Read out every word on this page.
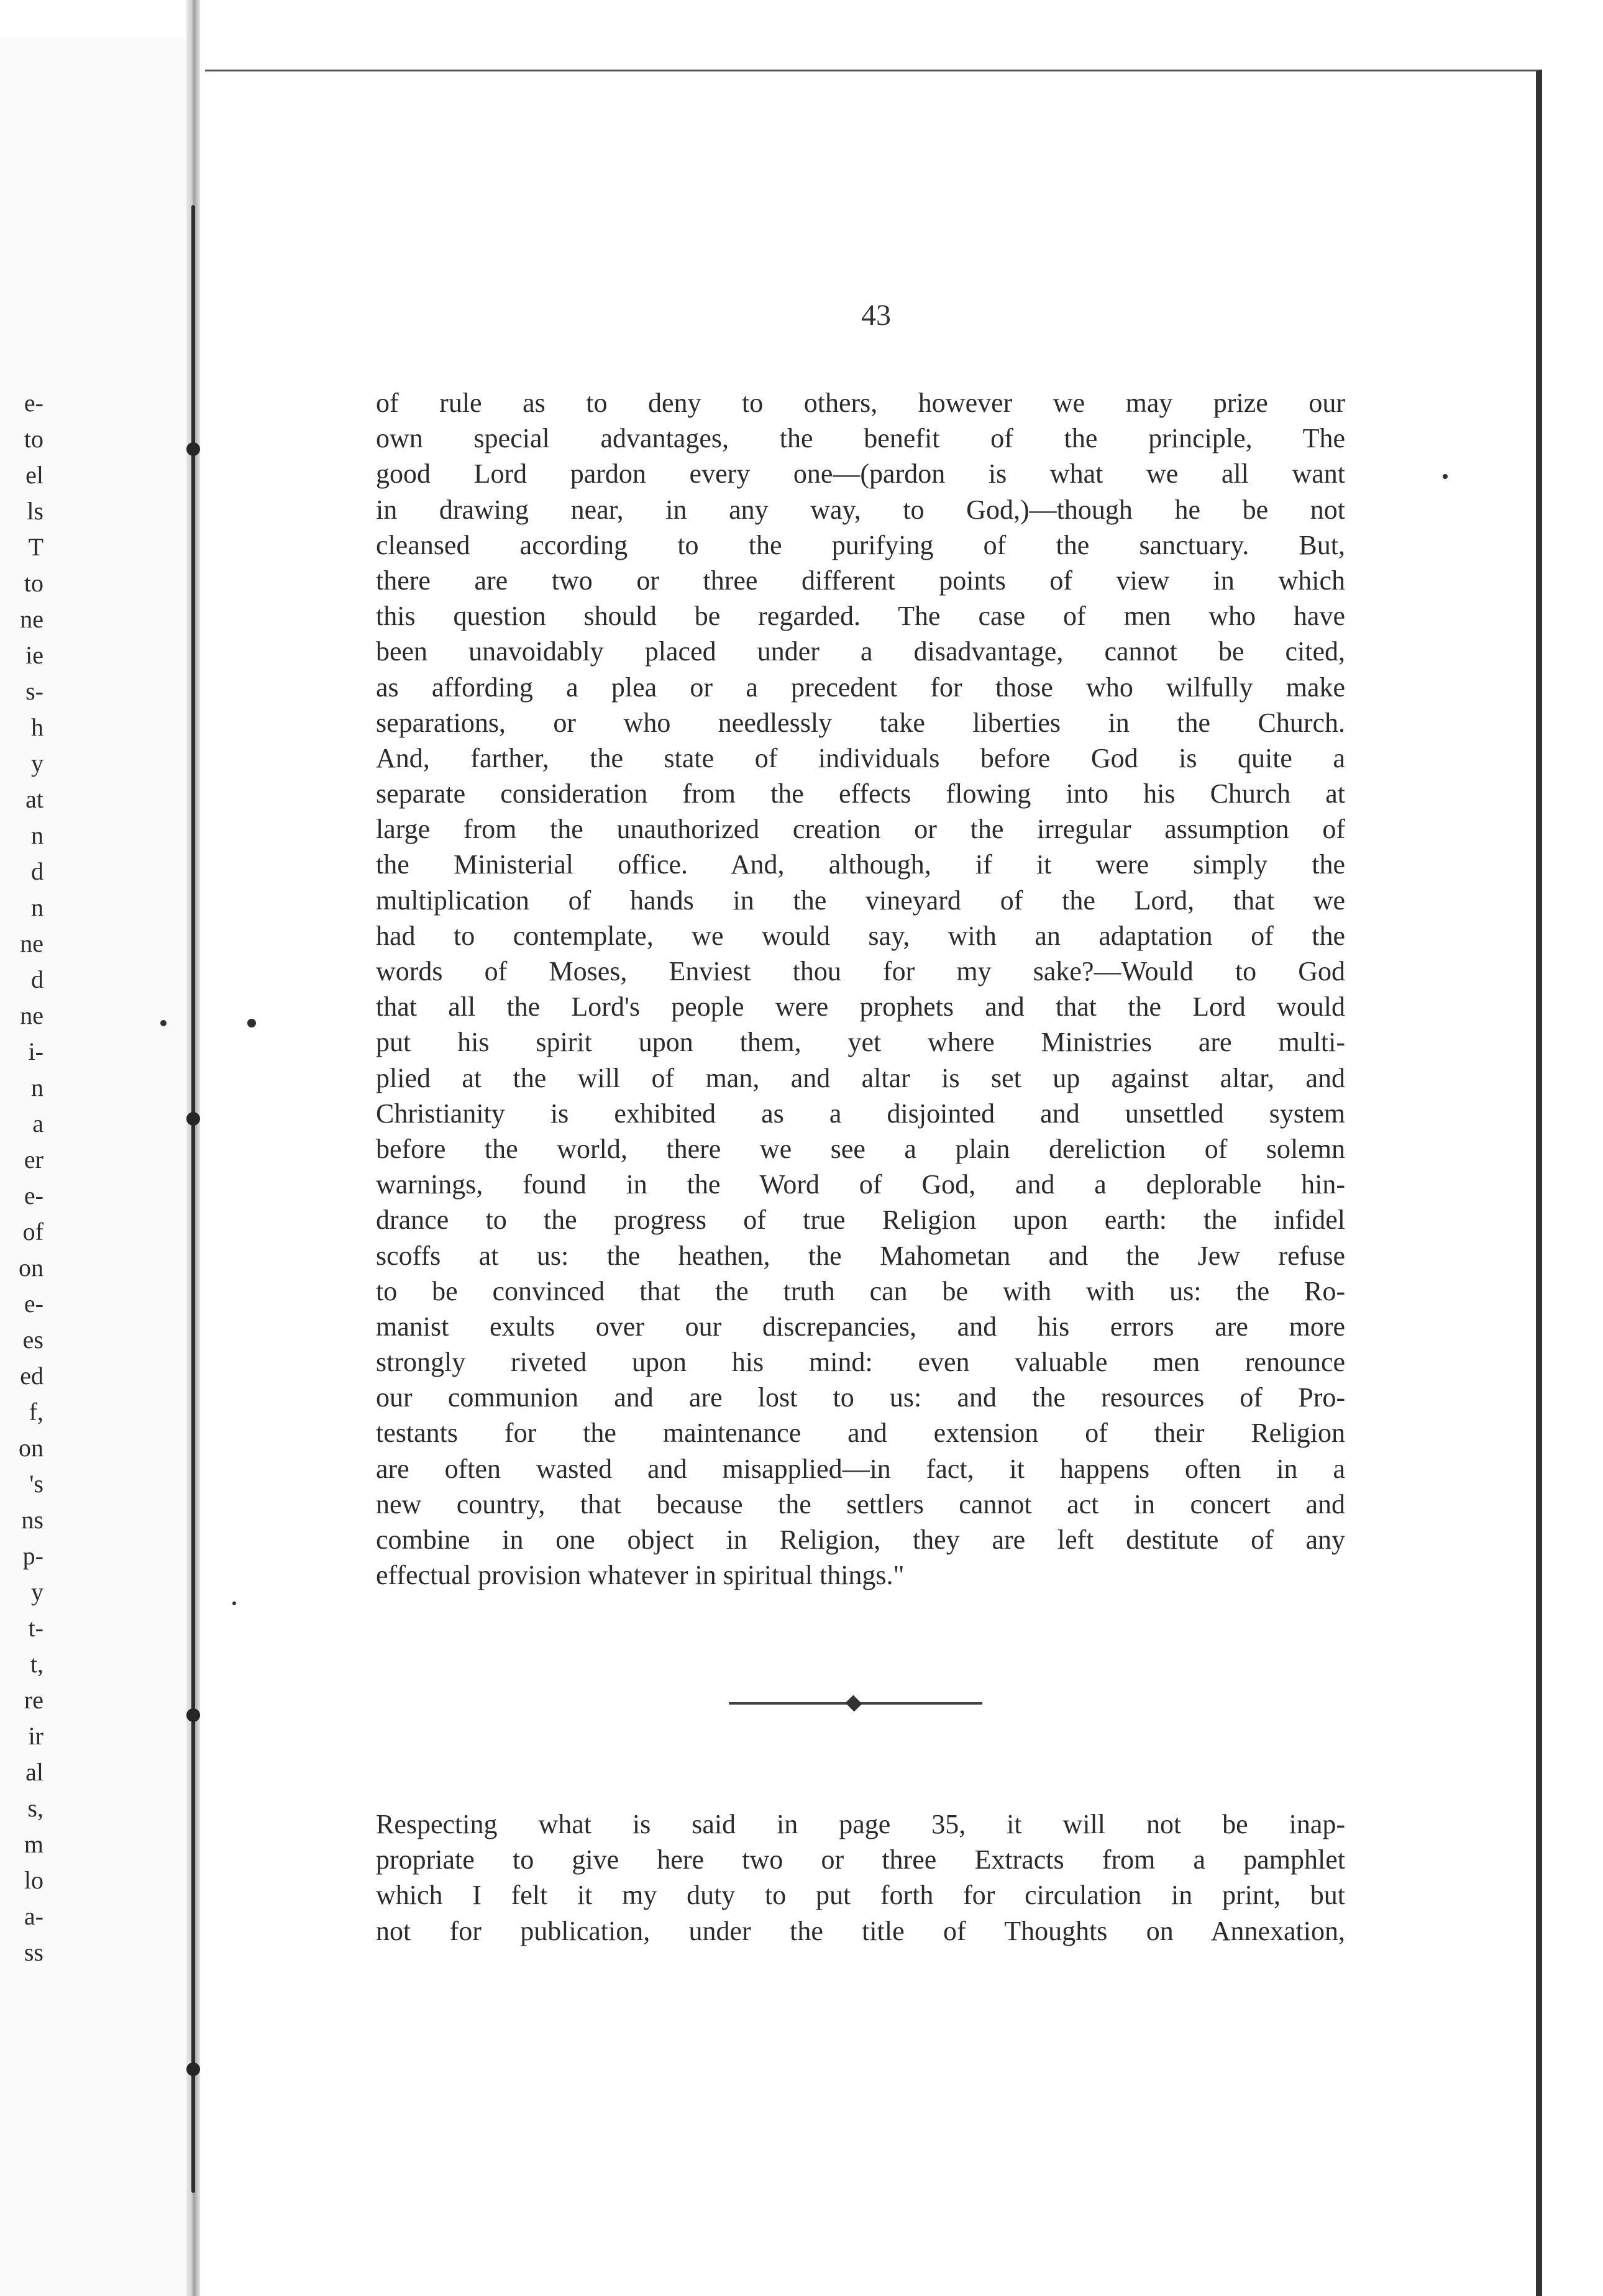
e-
to
el
ls
T
to
ne
ie
s-
h
y
at
n
d
n
ne
d
ne
i-
n
a
er
e-
of
on
e-
es
ed
f,
on
's
ns
p-
y
t-
t,
re
ir
al
s,
m
lo
a-
ss
43
of rule as to deny to others, however we may prize our
own special advantages, the benefit of the principle, The
good Lord pardon every one—(pardon is what we all want
in drawing near, in any way, to God,)—though he be not
cleansed according to the purifying of the sanctuary. But,
there are two or three different points of view in which
this question should be regarded. The case of men who have
been unavoidably placed under a disadvantage, cannot be cited,
as affording a plea or a precedent for those who wilfully make
separations, or who needlessly take liberties in the Church.
And, farther, the state of individuals before God is quite a
separate consideration from the effects flowing into his Church at
large from the unauthorized creation or the irregular assumption of
the Ministerial office. And, although, if it were simply the
multiplication of hands in the vineyard of the Lord, that we
had to contemplate, we would say, with an adaptation of the
words of Moses, Enviest thou for my sake?—Would to God
that all the Lord's people were prophets and that the Lord would
put his spirit upon them, yet where Ministries are multi-
plied at the will of man, and altar is set up against altar, and
Christianity is exhibited as a disjointed and unsettled system
before the world, there we see a plain dereliction of solemn
warnings, found in the Word of God, and a deplorable hin-
drance to the progress of true Religion upon earth: the infidel
scoffs at us: the heathen, the Mahometan and the Jew refuse
to be convinced that the truth can be with with us: the Ro-
manist exults over our discrepancies, and his errors are more
strongly riveted upon his mind: even valuable men renounce
our communion and are lost to us: and the resources of Pro-
testants for the maintenance and extension of their Religion
are often wasted and misapplied—in fact, it happens often in a
new country, that because the settlers cannot act in concert and
combine in one object in Religion, they are left destitute of any
effectual provision whatever in spiritual things."
Respecting what is said in page 35, it will not be inap-
propriate to give here two or three Extracts from a pamphlet
which I felt it my duty to put forth for circulation in print, but
not for publication, under the title of Thoughts on Annexation,
